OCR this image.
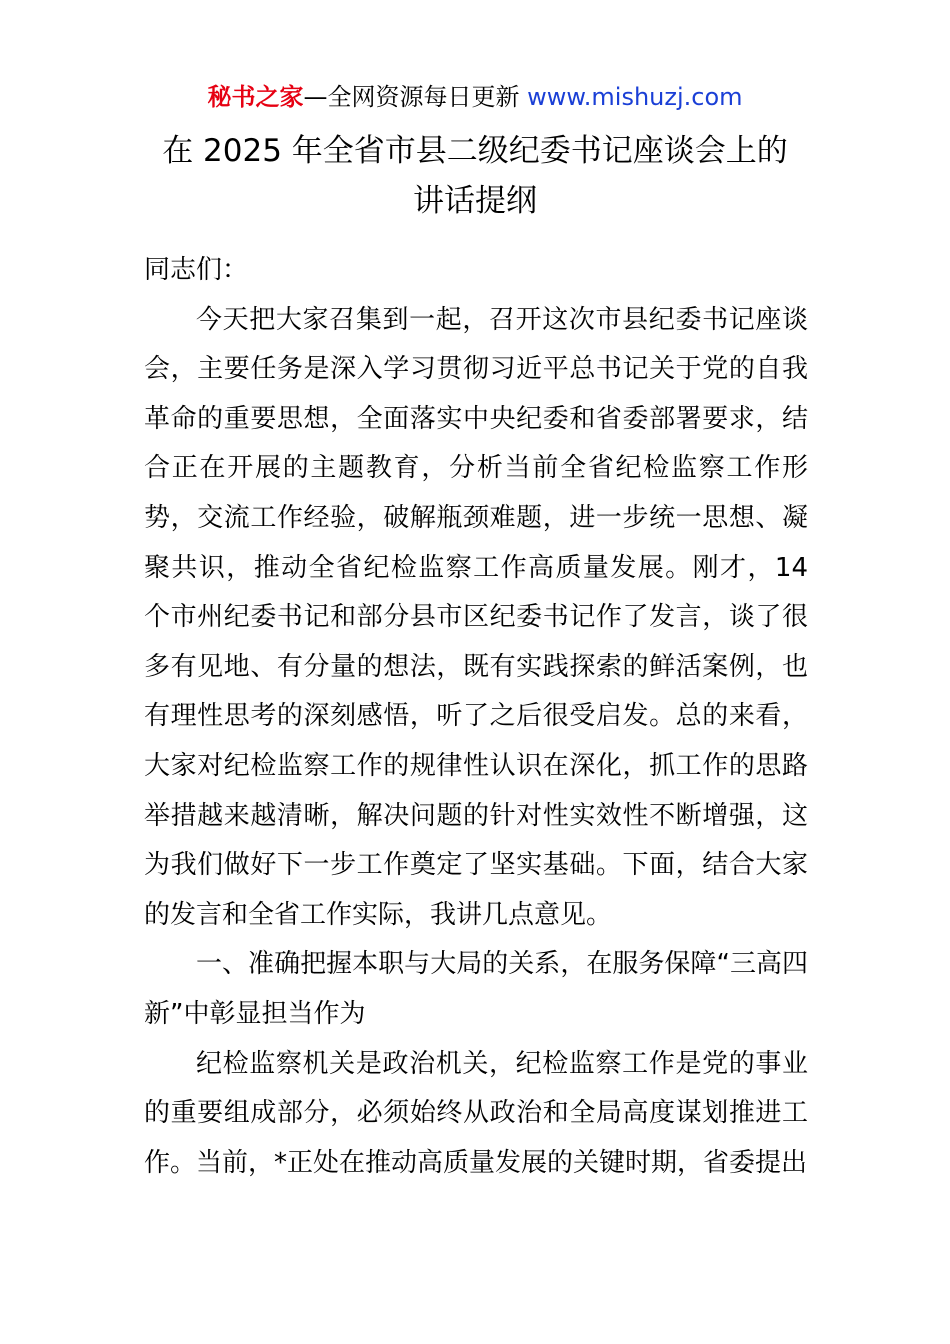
秘书之家—全网资源每日更新 www.mishuzj.com
在 2025 年全省市县二级纪委书记座谈会上的
讲话提纲

同志们：

今天把大家召集到一起，召开这次市县纪委书记座谈会，主要任务是深入学习贯彻习近平总书记关于党的自我革命的重要思想，全面落实中央纪委和省委部署要求，结合正在开展的主题教育，分析当前全省纪检监察工作形势，交流工作经验，破解瓶颈难题，进一步统一思想、凝聚共识，推动全省纪检监察工作高质量发展。刚才，14 个市州纪委书记和部分县市区纪委书记作了发言，谈了很多有见地、有分量的想法，既有实践探索的鲜活案例，也有理性思考的深刻感悟，听了之后很受启发。总的来看，大家对纪检监察工作的规律性认识在深化，抓工作的思路举措越来越清晰，解决问题的针对性实效性不断增强，这为我们做好下一步工作奠定了坚实基础。下面，结合大家的发言和全省工作实际，我讲几点意见。

一、准确把握本职与大局的关系，在服务保障“三高四新”中彰显担当作为

纪检监察机关是政治机关，纪检监察工作是党的事业的重要组成部分，必须始终从政治和全局高度谋划推进工作。当前，*正处在推动高质量发展的关键时期，省委提出
